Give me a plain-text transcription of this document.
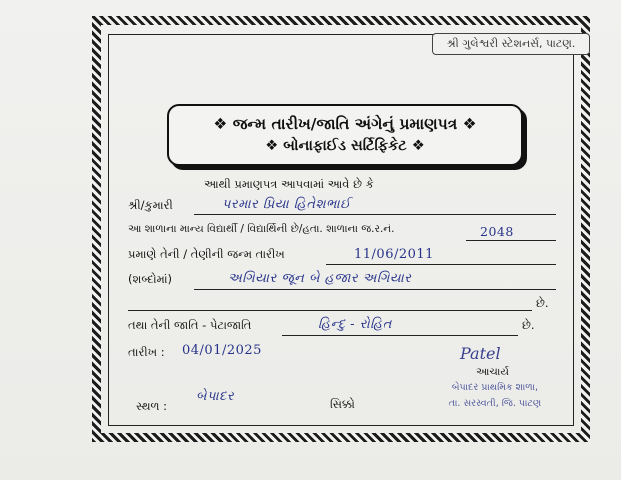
શ્રી ગુલેશ્વરી સ્ટેશનર્સ, પાટણ.
❖ જન્મ તારીખ/જાતિ અંગેનું પ્રમાણપત્ર ❖
❖ બોનાફાઈડ સર્ટિફિકેટ ❖
આથી પ્રમાણપત્ર આપવામાં આવે છે કે
શ્રી/કુમારી	પરમાર પ્રિયા હિતેશભાઈ
આ શાળાના માન્ય વિદ્યાર્થી / વિદ્યાર્થિની છે/હતા. શાળાના જ.ર.નં.	2048
પ્રમાણે તેની / તેણીની જન્મ તારીખ	11/06/2011
(શબ્દોમાં)	અગિયાર જૂન બે હજાર અગિયાર
છે.
તથા તેની જાતિ - પેટાજાતિ	હિન્દુ - રોહિત	છે.
તારીખ : 04/01/2025	Patel
આચાર્ય
બેપાદર પ્રાથમિક શાળા,
તા. સરસ્વતી, જિ. પાટણ
સ્થળ :
બેપાદર	સિક્કો
